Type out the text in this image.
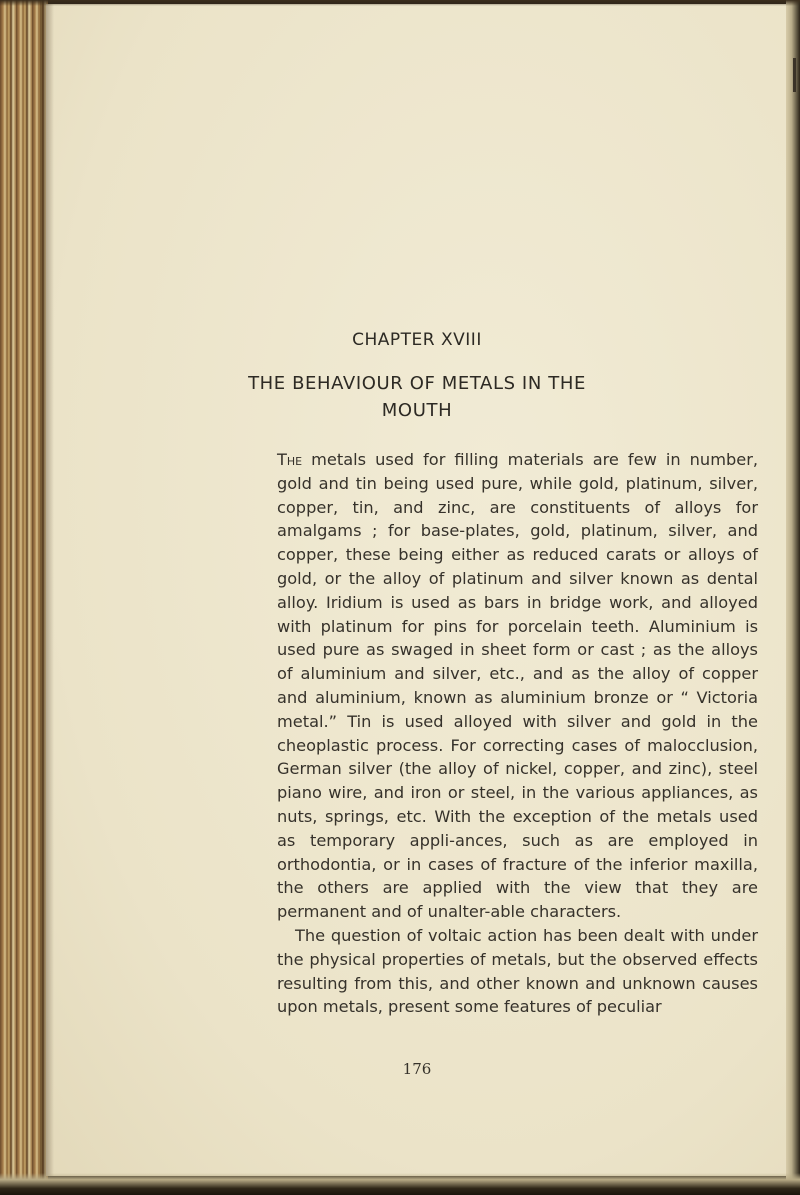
CHAPTER XVIII
THE BEHAVIOUR OF METALS IN THE
MOUTH

The metals used for filling materials are few in number, gold and tin being used pure, while gold, platinum, silver, copper, tin, and zinc, are constituents of alloys for amalgams ; for base-plates, gold, platinum, silver, and copper, these being either as reduced carats or alloys of gold, or the alloy of platinum and silver known as dental alloy. Iridium is used as bars in bridge work, and alloyed with platinum for pins for porcelain teeth. Aluminium is used pure as swaged in sheet form or cast ; as the alloys of aluminium and silver, etc., and as the alloy of copper and aluminium, known as aluminium bronze or “ Victoria metal.” Tin is used alloyed with silver and gold in the cheoplastic process. For correcting cases of malocclusion, German silver (the alloy of nickel, copper, and zinc), steel piano wire, and iron or steel, in the various appliances, as nuts, springs, etc. With the exception of the metals used as temporary appli-ances, such as are employed in orthodontia, or in cases of fracture of the inferior maxilla, the others are applied with the view that they are permanent and of unalter-able characters.

The question of voltaic action has been dealt with under the physical properties of metals, but the observed effects resulting from this, and other known and unknown causes upon metals, present some features of peculiar

176
